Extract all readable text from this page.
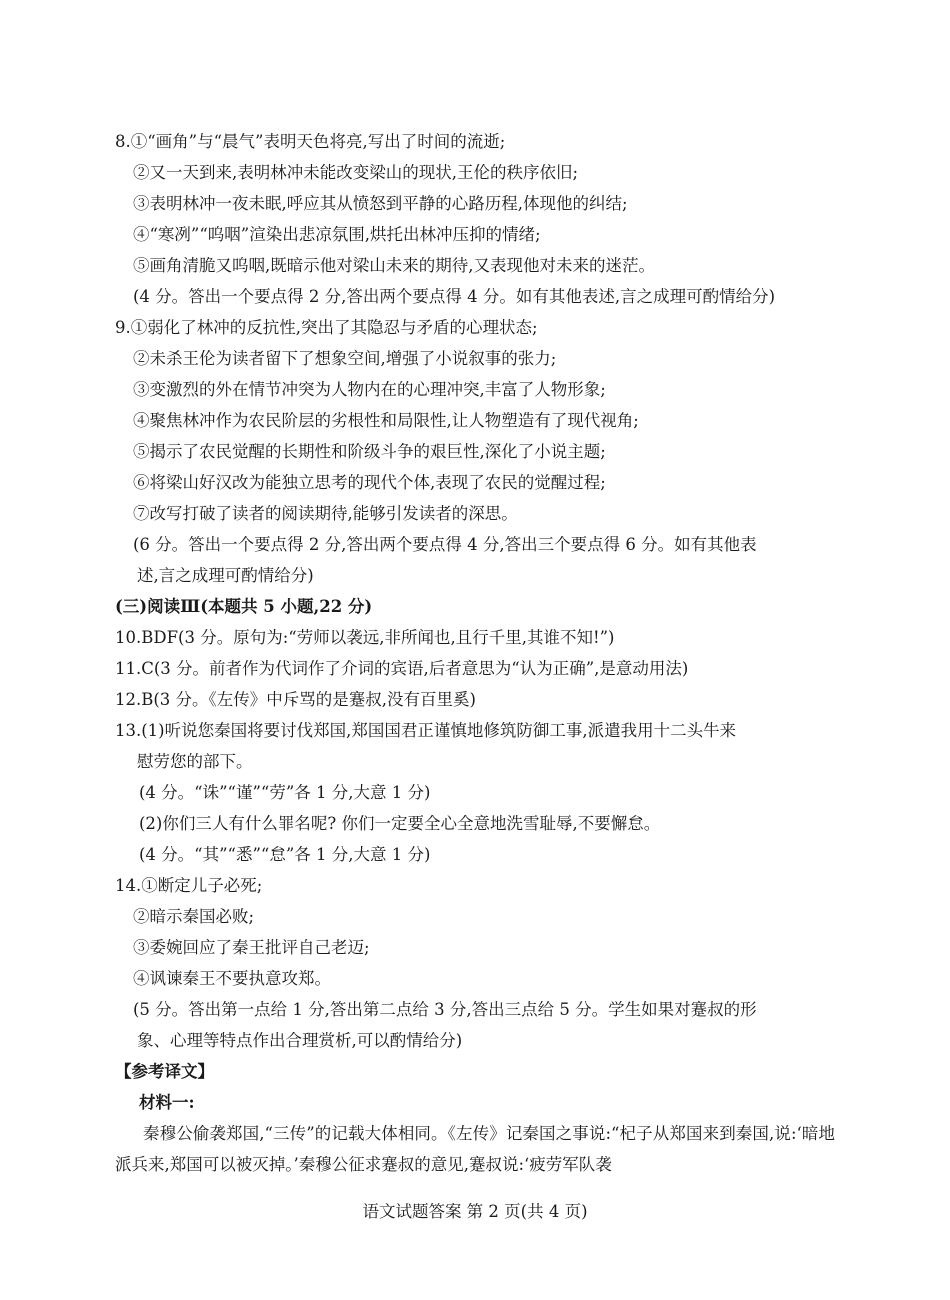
8.①“画角”与“晨气”表明天色将亮,写出了时间的流逝;
②又一天到来,表明林冲未能改变梁山的现状,王伦的秩序依旧;
③表明林冲一夜未眠,呼应其从愤怒到平静的心路历程,体现他的纠结;
④“寒冽”“呜咽”渲染出悲凉氛围,烘托出林冲压抑的情绪;
⑤画角清脆又呜咽,既暗示他对梁山未来的期待,又表现他对未来的迷茫。
(4 分。答出一个要点得 2 分,答出两个要点得 4 分。如有其他表述,言之成理可酌情给分)
9.①弱化了林冲的反抗性,突出了其隐忍与矛盾的心理状态;
②未杀王伦为读者留下了想象空间,增强了小说叙事的张力;
③变激烈的外在情节冲突为人物内在的心理冲突,丰富了人物形象;
④聚焦林冲作为农民阶层的劣根性和局限性,让人物塑造有了现代视角;
⑤揭示了农民觉醒的长期性和阶级斗争的艰巨性,深化了小说主题;
⑥将梁山好汉改为能独立思考的现代个体,表现了农民的觉醒过程;
⑦改写打破了读者的阅读期待,能够引发读者的深思。
(6 分。答出一个要点得 2 分,答出两个要点得 4 分,答出三个要点得 6 分。如有其他表
述,言之成理可酌情给分)
(三)阅读Ⅲ(本题共 5 小题,22 分)
10.BDF(3 分。原句为:“劳师以袭远,非所闻也,且行千里,其谁不知!”)
11.C(3 分。前者作为代词作了介词的宾语,后者意思为“认为正确”,是意动用法)
12.B(3 分。《左传》中斥骂的是蹇叔,没有百里奚)
13.(1)听说您秦国将要讨伐郑国,郑国国君正谨慎地修筑防御工事,派遣我用十二头牛来
慰劳您的部下。
(4 分。“诛”“谨”“劳”各 1 分,大意 1 分)
(2)你们三人有什么罪名呢? 你们一定要全心全意地洗雪耻辱,不要懈怠。
(4 分。“其”“悉”“怠”各 1 分,大意 1 分)
14.①断定儿子必死;
②暗示秦国必败;
③委婉回应了秦王批评自己老迈;
④讽谏秦王不要执意攻郑。
(5 分。答出第一点给 1 分,答出第二点给 3 分,答出三点给 5 分。学生如果对蹇叔的形
象、心理等特点作出合理赏析,可以酌情给分)
【参考译文】
材料一:
秦穆公偷袭郑国,“三传”的记载大体相同。《左传》记秦国之事说:“杞子从郑国来到秦国,说:‘暗地派兵来,郑国可以被灭掉。’秦穆公征求蹇叔的意见,蹇叔说:‘疲劳军队袭
语文试题答案 第 2 页(共 4 页)
